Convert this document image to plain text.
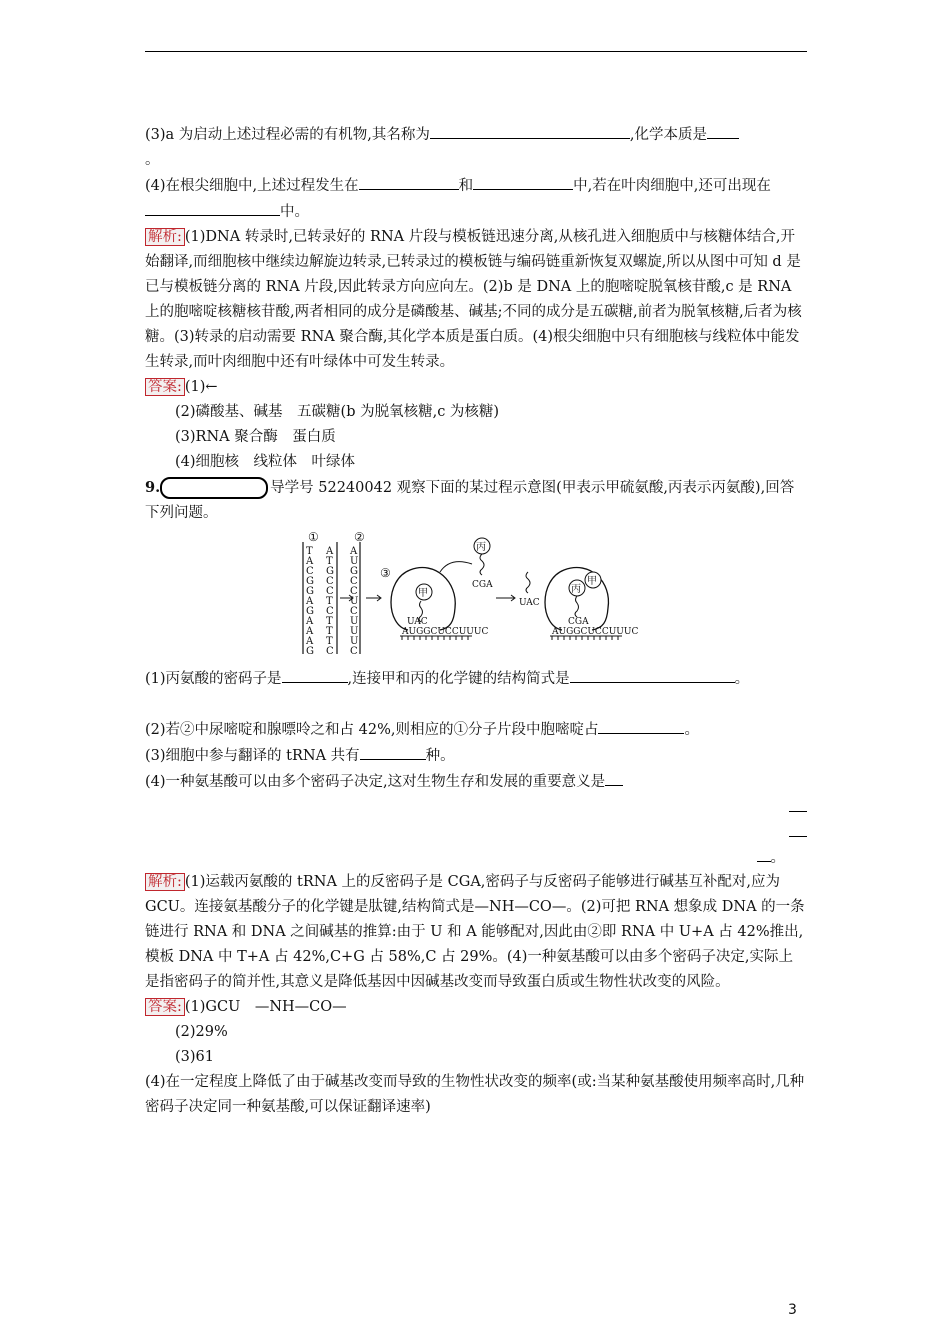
(3)a 为启动上述过程必需的有机物,其名称为	,化学本质是
。

(4)在根尖细胞中,上述过程发生在	和	中,若在叶肉细胞中,还可出现在中。

解析: (1)DNA 转录时,已转录好的 RNA 片段与模板链迅速分离,从核孔进入细胞质中与核糖体结合,开始翻译,而细胞核中继续边解旋边转录,已转录过的模板链与编码链重新恢复双螺旋,所以从图中可知 d 是已与模板链分离的 RNA 片段,因此转录方向应向左。(2)b 是 DNA 上的胞嘧啶脱氧核苷酸,c 是 RNA 上的胞嘧啶核糖核苷酸,两者相同的成分是磷酸基、碱基;不同的成分是五碳糖,前者为脱氧核糖,后者为核糖。(3)转录的启动需要 RNA 聚合酶,其化学本质是蛋白质。(4)根尖细胞中只有细胞核与线粒体中能发生转录,而叶肉细胞中还有叶绿体中可发生转录。

答案: (1)←

(2)磷酸基、碱基　五碳糖(b 为脱氧核糖,c 为核糖)

(3)RNA 聚合酶　蛋白质

(4)细胞核　线粒体　叶绿体

9.	导学号 52240042 观察下面的某过程示意图(甲表示甲硫氨酸,丙表示丙氨酸),回答下列问题。

①	②
③
T
A
C
G
G
A
G
A
A
A
G
A
T
G
C
C
T
C
T
T
T
C
A
U
G
C
C
U
C
U
U
U
C
甲
UAC
AUGGCUCCUUUC
丙
CGA
UAC
丙
甲
CGA
AUGGCUCCUUUC

(1)丙氨酸的密码子是	,连接甲和丙的化学键的结构简式是	。

(2)若②中尿嘧啶和腺嘌呤之和占 42%,则相应的①分子片段中胞嘧啶占	。

(3)细胞中参与翻译的 tRNA 共有	种。

(4)一种氨基酸可以由多个密码子决定,这对生物生存和发展的重要意义是

。

解析: (1)运载丙氨酸的 tRNA 上的反密码子是 CGA,密码子与反密码子能够进行碱基互补配对,应为 GCU。连接氨基酸分子的化学键是肽键,结构简式是—NH—CO—。(2)可把 RNA 想象成 DNA 的一条链进行 RNA 和 DNA 之间碱基的推算:由于 U 和 A 能够配对,因此由②即 RNA 中 U+A 占 42%推出,模板 DNA 中 T+A 占 42%,C+G 占 58%,C 占 29%。(4)一种氨基酸可以由多个密码子决定,实际上是指密码子的简并性,其意义是降低基因中因碱基改变而导致蛋白质或生物性状改变的风险。

答案: (1)GCU　—NH—CO—

(2)29%

(3)61

(4)在一定程度上降低了由于碱基改变而导致的生物性状改变的频率(或:当某种氨基酸使用频率高时,几种密码子决定同一种氨基酸,可以保证翻译速率)

3
